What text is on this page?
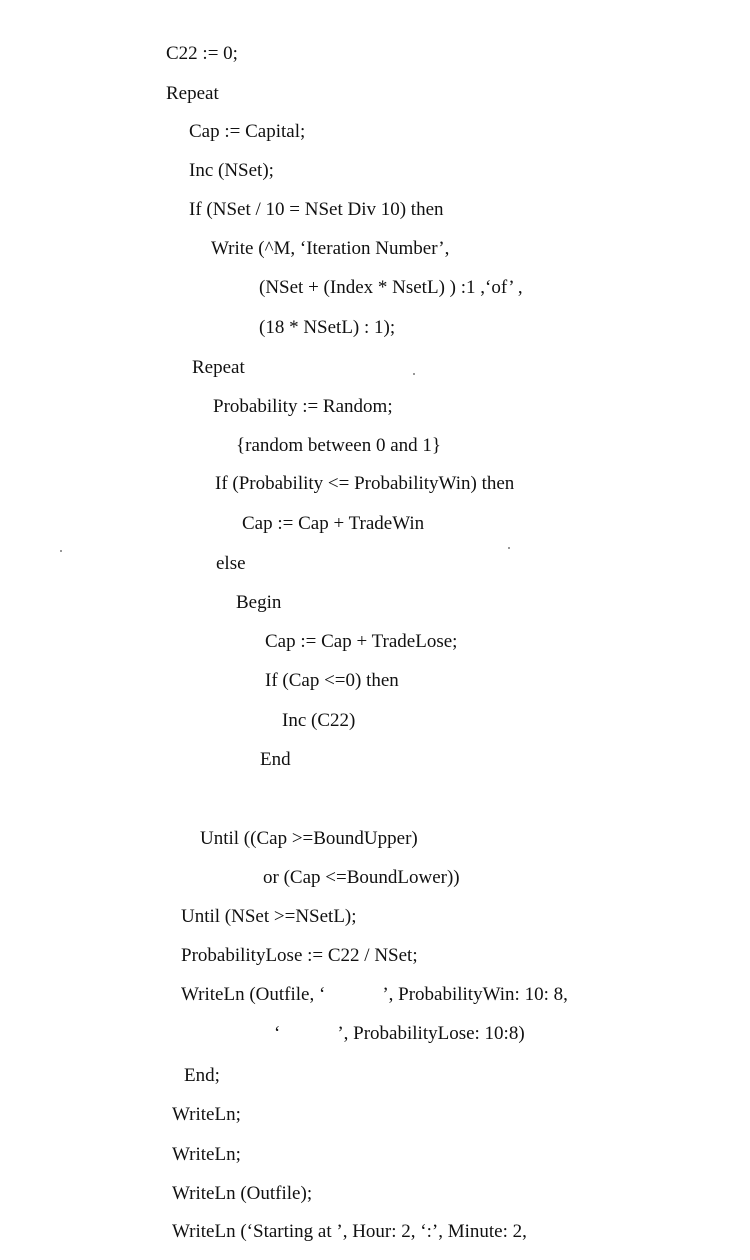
C22 := 0;
Repeat
Cap := Capital;
Inc (NSet);
If (NSet / 10 = NSet Div 10) then
Write (^M, ‘Iteration Number’,
(NSet + (Index * NsetL) ) :1 ,‘of’ ,
(18 * NSetL) : 1);
Repeat
Probability := Random;
{random between 0 and 1}
If (Probability <= ProbabilityWin) then
Cap := Cap + TradeWin
else
Begin
Cap := Cap + TradeLose;
If (Cap <=0) then
Inc (C22)
End
Until ((Cap >=BoundUpper)
or (Cap <=BoundLower))
Until (NSet >=NSetL);
ProbabilityLose := C22 / NSet;
WriteLn (Outfile, ‘            ’, ProbabilityWin: 10: 8,
‘            ’, ProbabilityLose: 10:8)
End;
WriteLn;
WriteLn;
WriteLn (Outfile);
WriteLn (‘Starting at ’, Hour: 2, ‘:’, Minute: 2,
